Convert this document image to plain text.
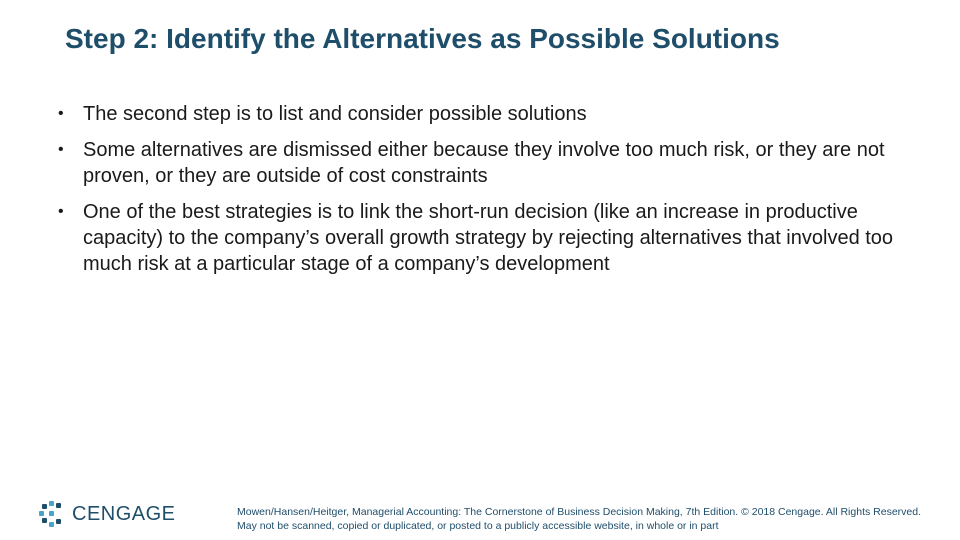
Step 2: Identify the Alternatives as Possible Solutions
• The second step is to list and consider possible solutions
• Some alternatives are dismissed either because they involve too much risk, or they are not proven, or they are outside of cost constraints
• One of the best strategies is to link the short-run decision (like an increase in productive capacity) to the company’s overall growth strategy by rejecting alternatives that involved too much risk at a particular stage of a company’s development
CENGAGE	Mowen/Hansen/Heitger, Managerial Accounting: The Cornerstone of Business Decision Making, 7th Edition. © 2018 Cengage. All Rights Reserved. May not be scanned, copied or duplicated, or posted to a publicly accessible website, in whole or in part
